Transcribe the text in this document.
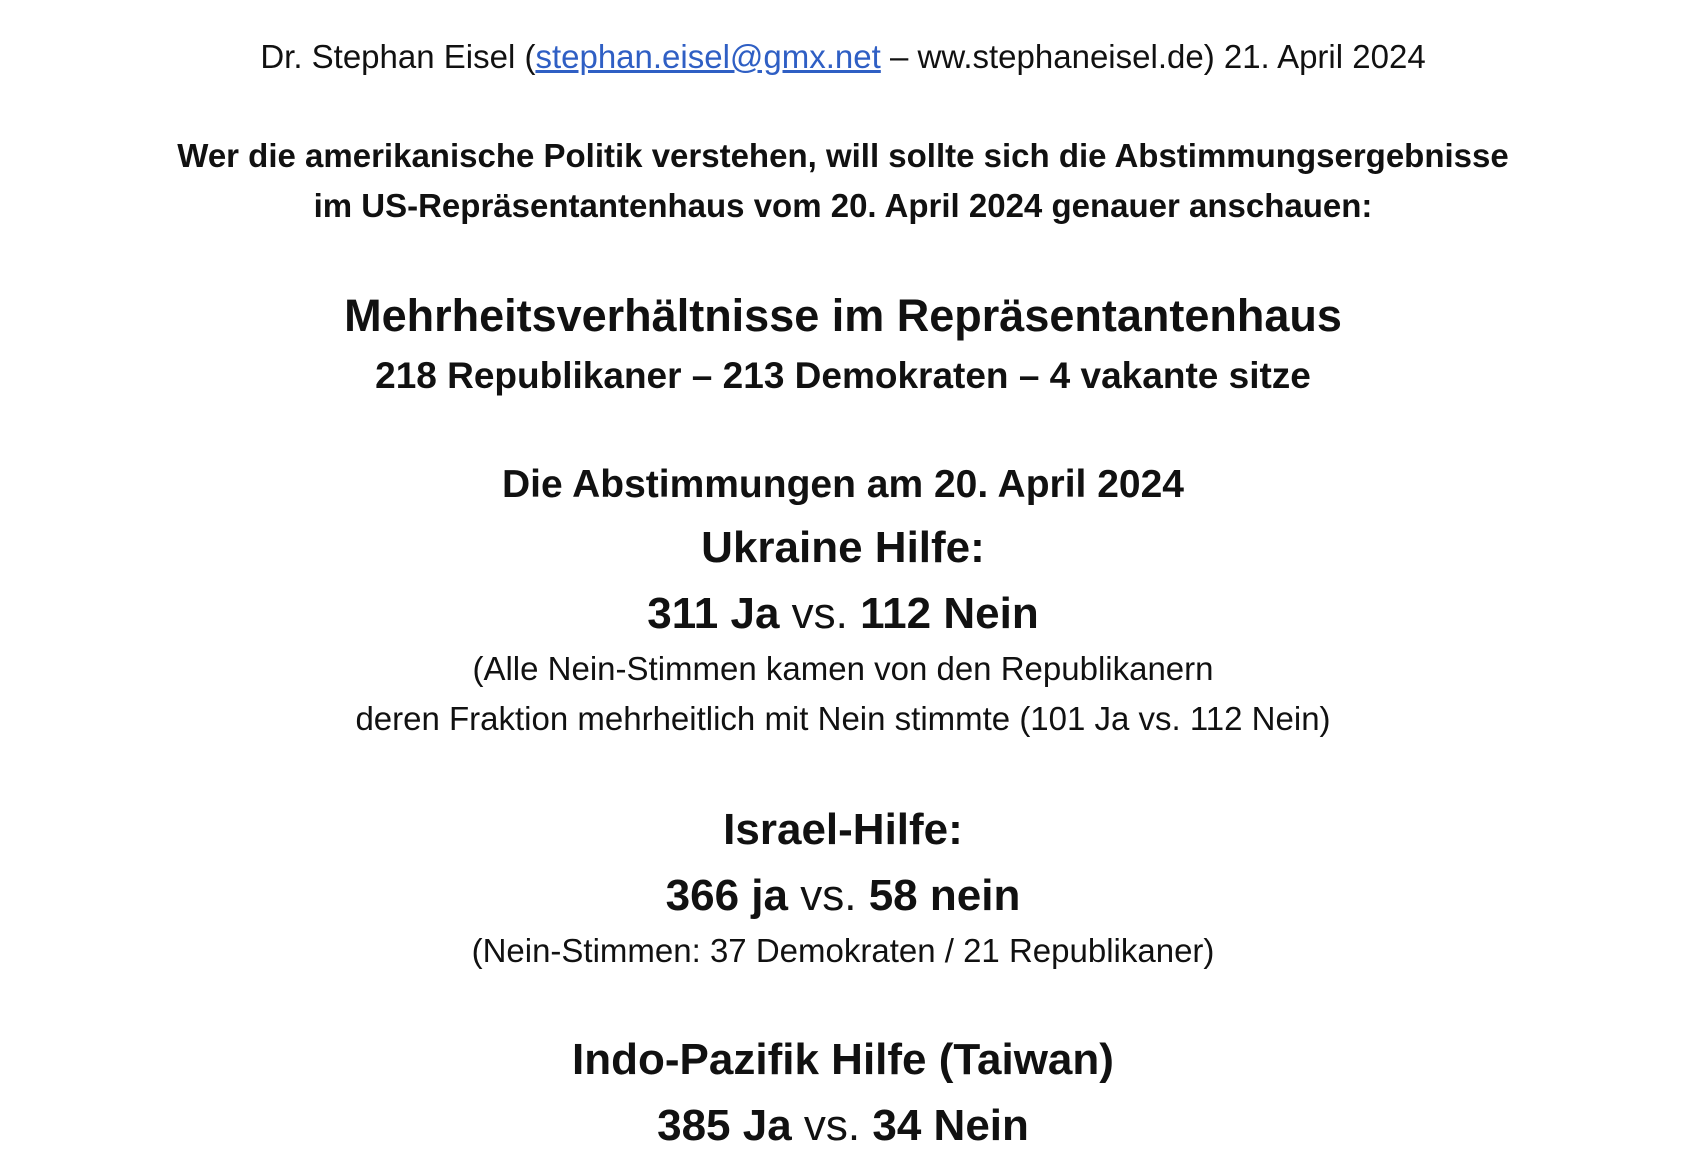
Dr. Stephan Eisel (stephan.eisel@gmx.net – ww.stephaneisel.de) 21. April 2024
Wer die amerikanische Politik verstehen, will sollte sich die Abstimmungsergebnisse
im US-Repräsentantenhaus vom 20. April 2024 genauer anschauen:
Mehrheitsverhältnisse im Repräsentantenhaus
218 Republikaner – 213 Demokraten – 4 vakante sitze
Die Abstimmungen am 20. April 2024
Ukraine Hilfe:
311 Ja vs. 112 Nein
(Alle Nein-Stimmen kamen von den Republikanern
deren Fraktion mehrheitlich mit Nein stimmte (101 Ja vs. 112 Nein)
Israel-Hilfe:
366 ja vs. 58 nein
(Nein-Stimmen: 37 Demokraten / 21 Republikaner)
Indo-Pazifik Hilfe (Taiwan)
385 Ja vs. 34 Nein
